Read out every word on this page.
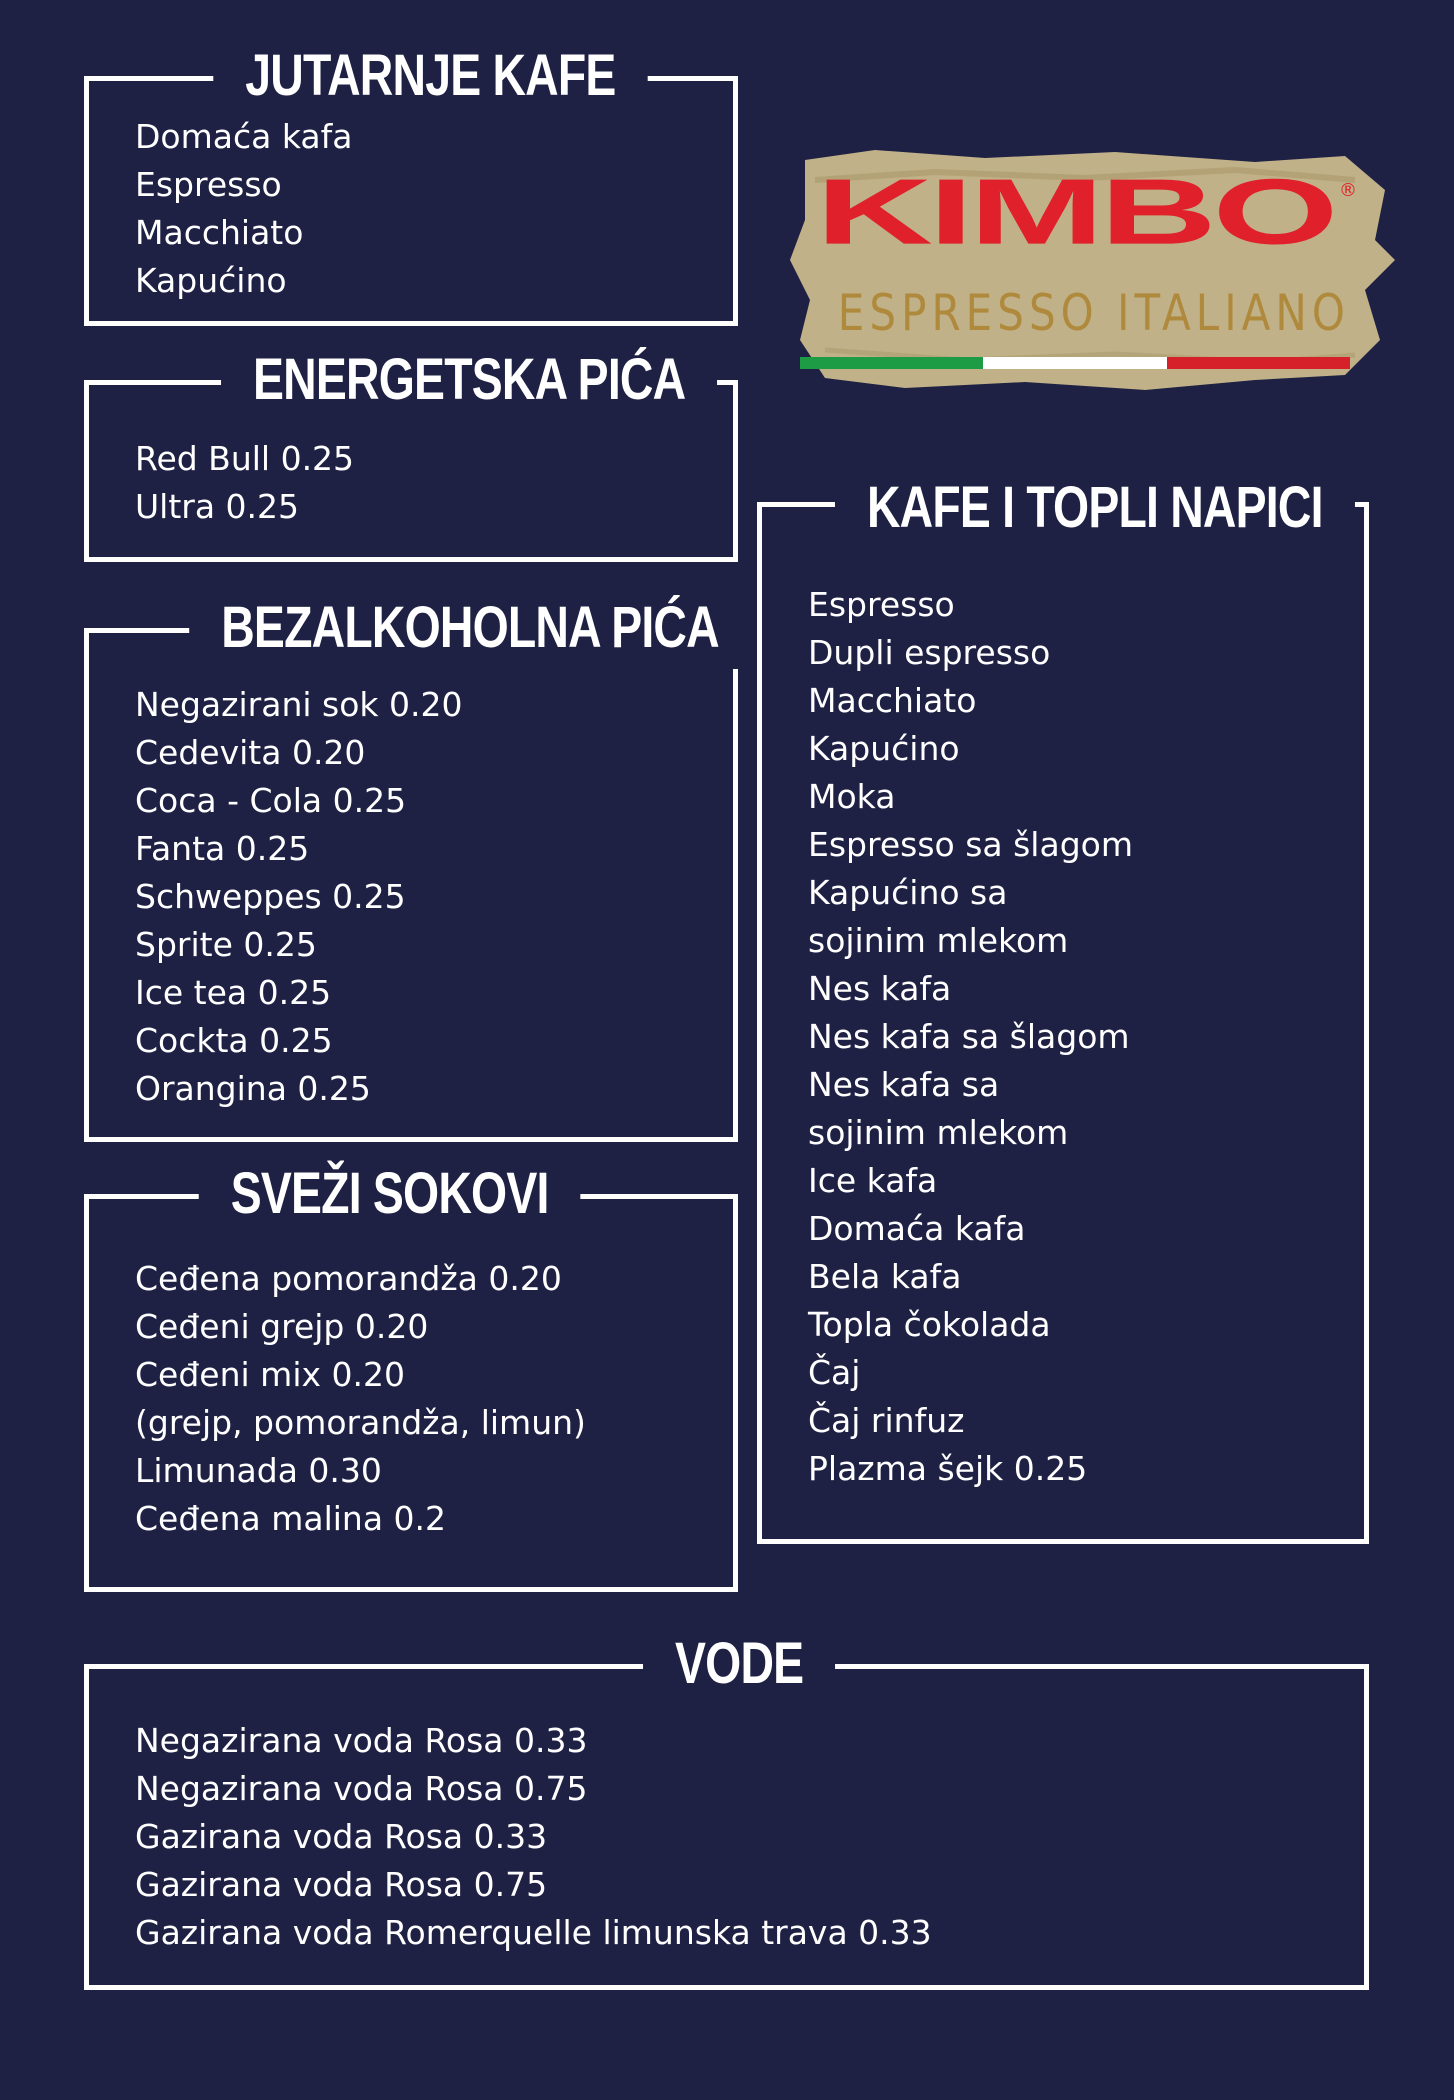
JUTARNJE KAFE
Domaća kafa
Espresso
Macchiato
Kapućino
ENERGETSKA PIĆA
Red Bull 0.25
Ultra 0.25
BEZALKOHOLNA PIĆA
Negazirani sok 0.20
Cedevita 0.20
Coca - Cola 0.25
Fanta 0.25
Schweppes 0.25
Sprite 0.25
Ice tea 0.25
Cockta 0.25
Orangina 0.25
SVEŽI SOKOVI
Ceđena pomorandža 0.20
Ceđeni grejp 0.20
Ceđeni mix 0.20
(grejp, pomorandža, limun)
Limunada 0.30
Ceđena malina 0.2
KAFE I TOPLI NAPICI
Espresso
Dupli espresso
Macchiato
Kapućino
Moka
Espresso sa šlagom
Kapućino sa
sojinim mlekom
Nes kafa
Nes kafa sa šlagom
Nes kafa sa
sojinim mlekom
Ice kafa
Domaća kafa
Bela kafa
Topla čokolada
Čaj
Čaj rinfuz
Plazma šejk 0.25
VODE
Negazirana voda Rosa 0.33
Negazirana voda Rosa 0.75
Gazirana voda Rosa 0.33
Gazirana voda Rosa 0.75
Gazirana voda Romerquelle limunska trava 0.33
KIMBO ®
ESPRESSO ITALIANO
